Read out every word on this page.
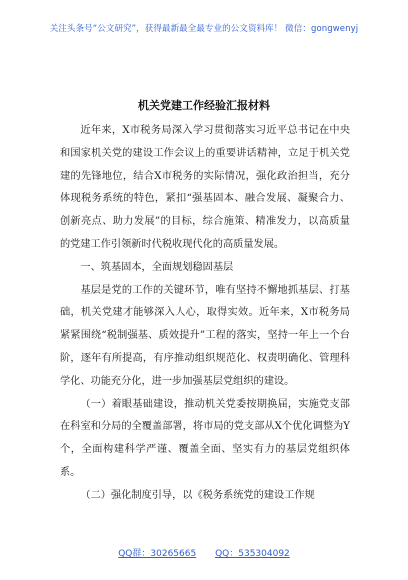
关注头条号“公文研究”，获得最新最全最专业的公文资料库！ 微信：gongwenyj
机关党建工作经验汇报材料

近年来，X市税务局深入学习贯彻落实习近平总书记在中央和国家机关党的建设工作会议上的重要讲话精神，立足于机关党建的先锋地位，结合X市税务的实际情况，强化政治担当，充分体现税务系统的特色，紧扣“强基固本、融合发展、凝聚合力、创新亮点、助力发展”的目标，综合施策、精准发力，以高质量的党建工作引领新时代税收现代化的高质量发展。

一、筑基固本，全面规划稳固基层

基层是党的工作的关键环节，唯有坚持不懈地抓基层、打基础，机关党建才能够深入人心，取得实效。近年来，X市税务局紧紧围绕“税制强基、质效提升”工程的落实，坚持一年上一个台阶，逐年有所提高，有序推动组织规范化、权责明确化、管理科学化、功能充分化，进一步加强基层党组织的建设。

（一）着眼基础建设，推动机关党委按期换届，实施党支部在科室和分局的全覆盖部署，将市局的党支部从X个优化调整为Y个，全面构建科学严谨、覆盖全面、坚实有力的基层党组织体系。

（二）强化制度引导，以《税务系统党的建设工作规

QQ群：30265665 QQ：535304092
